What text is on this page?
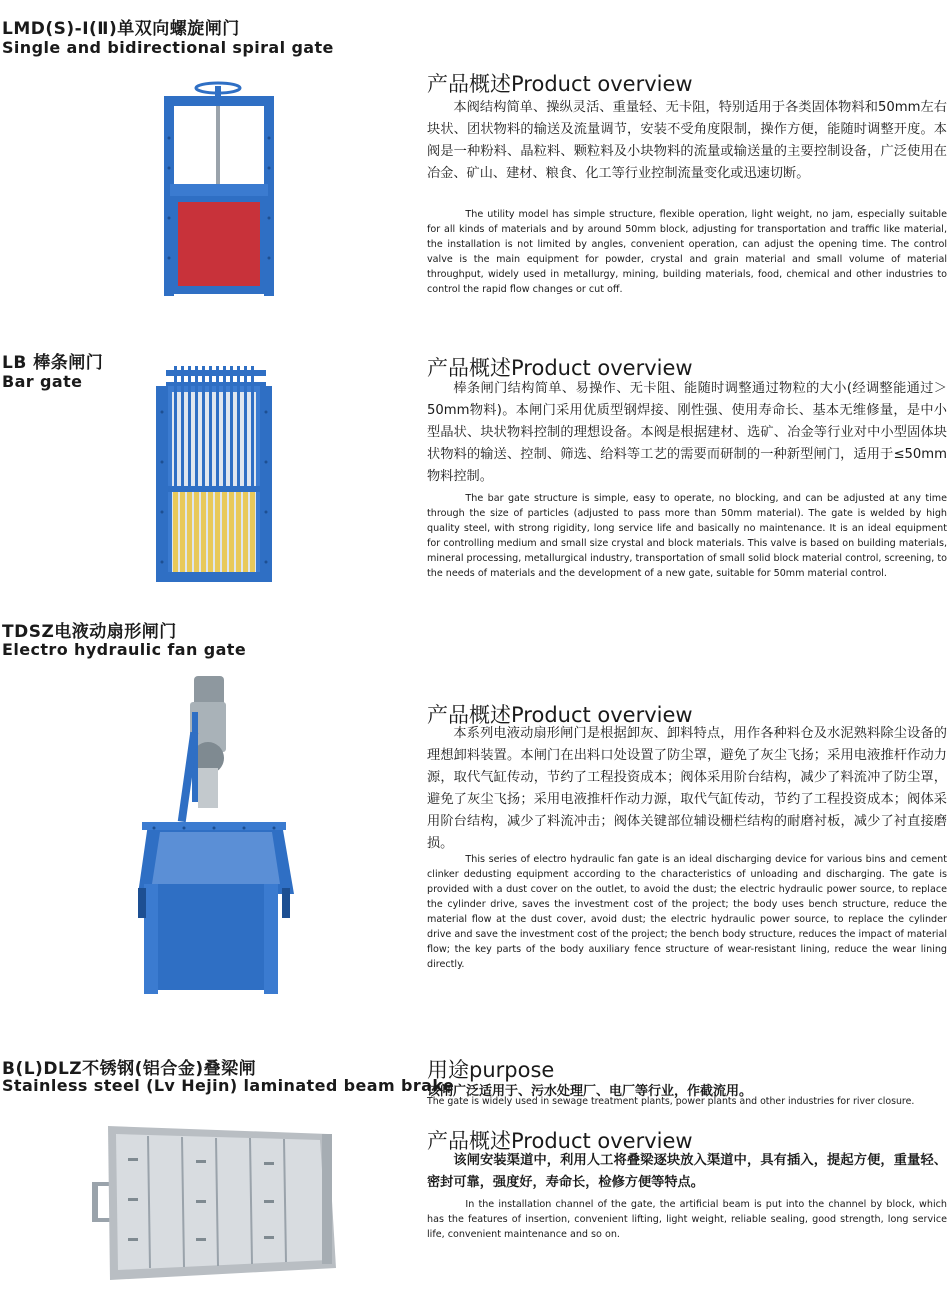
LMD(S)-Ⅰ(Ⅱ)单双向螺旋闸门
Single and bidirectional spiral gate
产品概述Product overview
本阀结构简单、操纵灵活、重量轻、无卡阻，特别适用于各类固体物料和50mm左右块状、团状物料的输送及流量调节，安装不受角度限制，操作方便，能随时调整开度。本阀是一种粉料、晶粒料、颗粒料及小块物料的流量或输送量的主要控制设备，广泛使用在冶金、矿山、建材、粮食、化工等行业控制流量变化或迅速切断。
The utility model has simple structure, flexible operation, light weight, no jam, especially suitable for all kinds of materials and by around 50mm block, adjusting for transportation and traffic like material, the installation is not limited by angles, convenient operation, can adjust the opening time. The control valve is the main equipment for powder, crystal and grain material and small volume of material throughput, widely used in metallurgy, mining, building materials, food, chemical and other industries to control the rapid flow changes or cut off.
LB 棒条闸门
Bar gate
产品概述Product overview
棒条闸门结构简单、易操作、无卡阻、能随时调整通过物粒的大小(经调整能通过＞50mm物料)。本闸门采用优质型钢焊接、刚性强、使用寿命长、基本无维修量，是中小型晶状、块状物料控制的理想设备。本阀是根据建材、选矿、冶金等行业对中小型固体块状物料的输送、控制、筛选、给料等工艺的需要而研制的一种新型闸门，适用于≤50mm物料控制。
The bar gate structure is simple, easy to operate, no blocking, and can be adjusted at any time through the size of particles (adjusted to pass more than 50mm material). The gate is welded by high quality steel, with strong rigidity, long service life and basically no maintenance. It is an ideal equipment for controlling medium and small size crystal and block materials. This valve is based on building materials, mineral processing, metallurgical industry, transportation of small solid block material control, screening, to the needs of materials and the development of a new gate, suitable for 50mm material control.
TDSZ电液动扇形闸门
Electro hydraulic fan gate
产品概述Product overview
本系列电液动扇形闸门是根据卸灰、卸料特点，用作各种料仓及水泥熟料除尘设备的理想卸料装置。本闸门在出料口处设置了防尘罩，避免了灰尘飞扬；采用电液推杆作动力源，取代气缸传动，节约了工程投资成本；阀体采用阶台结构，减少了料流冲了防尘罩，避免了灰尘飞扬；采用电液推杆作动力源，取代气缸传动，节约了工程投资成本；阀体采用阶台结构，减少了料流冲击；阀体关键部位辅设栅栏结构的耐磨衬板，减少了衬直接磨损。
This series of electro hydraulic fan gate is an ideal discharging device for various bins and cement clinker dedusting equipment according to the characteristics of unloading and discharging. The gate is provided with a dust cover on the outlet, to avoid the dust; the electric hydraulic power source, to replace the cylinder drive, saves the investment cost of the project; the body uses bench structure, reduce the material flow at the dust cover, avoid dust; the electric hydraulic power source, to replace the cylinder drive and save the investment cost of the project; the bench body structure, reduces the impact of material flow; the key parts of the body auxiliary fence structure of wear-resistant lining, reduce the wear lining directly.
B(L)DLZ不锈钢(铝合金)叠梁闸
Stainless steel (Lv Hejin) laminated beam brake
用途purpose
该闸广泛适用于、污水处理厂、电厂等行业，作截流用。
The gate is widely used in sewage treatment plants, power plants and other industries for river closure.
产品概述Product overview
该闸安装渠道中，利用人工将叠梁逐块放入渠道中，具有插入，提起方便，重量轻、密封可靠，强度好，寿命长，检修方便等特点。
In the installation channel of the gate, the artificial beam is put into the channel by block, which has the features of insertion, convenient lifting, light weight, reliable sealing, good strength, long service life, convenient maintenance and so on.
